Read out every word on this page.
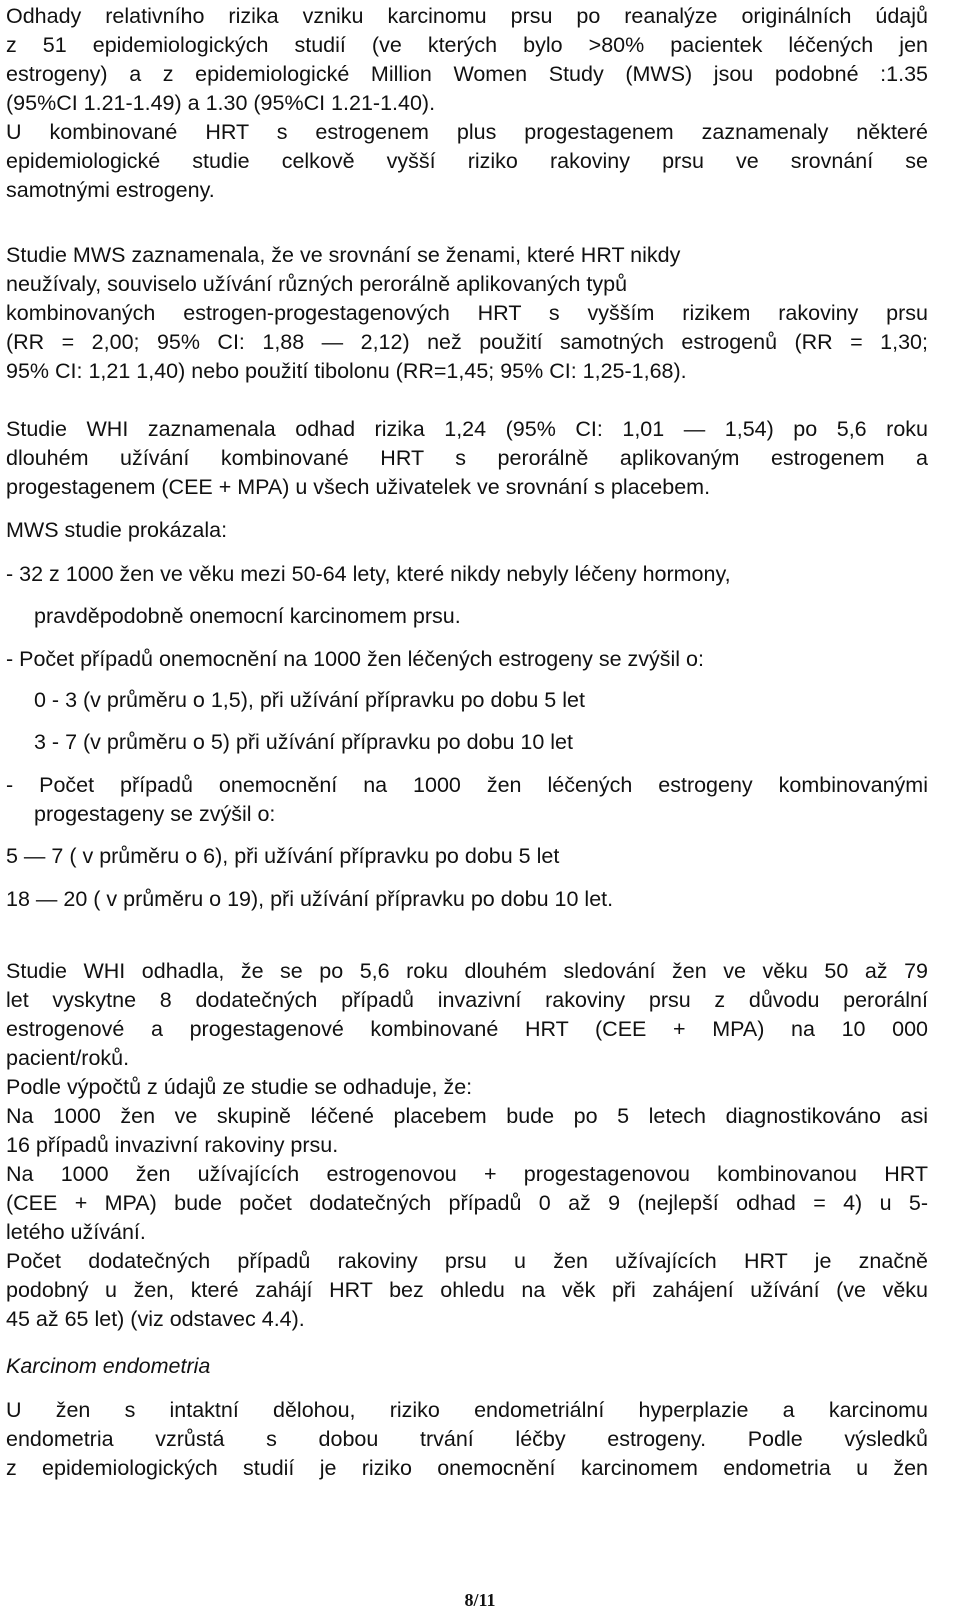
Odhady relativního rizika vzniku karcinomu prsu po reanalýze originálních údajů
z 51 epidemiologických studií (ve kterých bylo >80% pacientek léčených jen
estrogeny) a z epidemiologické Million Women Study (MWS) jsou podobné :1.35
(95%CI 1.21-1.49) a 1.30 (95%CI 1.21-1.40).
U kombinované HRT s estrogenem plus progestagenem zaznamenaly některé
epidemiologické studie celkově vyšší riziko rakoviny prsu ve srovnání se
samotnými estrogeny.
Studie MWS zaznamenala, že ve srovnání se ženami, které HRT nikdy
neužívaly, souviselo užívání různých perorálně aplikovaných typů
kombinovaných estrogen-progestagenových HRT s vyšším rizikem rakoviny prsu
(RR = 2,00; 95% CI: 1,88 — 2,12) než použití samotných estrogenů (RR = 1,30;
95% CI: 1,21 1,40) nebo použití tibolonu (RR=1,45; 95% CI: 1,25-1,68).
Studie WHI zaznamenala odhad rizika 1,24 (95% CI: 1,01 — 1,54) po 5,6 roku
dlouhém užívání kombinované HRT s perorálně aplikovaným estrogenem a
progestagenem (CEE + MPA) u všech uživatelek ve srovnání s placebem.
MWS studie prokázala:
- 32 z 1000 žen ve věku mezi 50-64 lety, které nikdy nebyly léčeny hormony,
pravděpodobně onemocní karcinomem prsu.
- Počet případů onemocnění na 1000 žen léčených estrogeny se zvýšil o:
0 - 3 (v průměru o 1,5), při užívání přípravku po dobu 5 let
3 - 7 (v průměru o 5) při užívání přípravku po dobu 10 let
- Počet případů onemocnění na 1000 žen léčených estrogeny kombinovanými
progestageny se zvýšil o:
5 — 7 ( v průměru o 6), při užívání přípravku po dobu 5 let
18 — 20 ( v průměru o 19), při užívání přípravku po dobu 10 let.
Studie WHI odhadla, že se po 5,6 roku dlouhém sledování žen ve věku 50 až 79
let vyskytne 8 dodatečných případů invazivní rakoviny prsu z důvodu perorální
estrogenové a progestagenové kombinované HRT (CEE + MPA) na 10 000
pacient/roků.
Podle výpočtů z údajů ze studie se odhaduje, že:
Na 1000 žen ve skupině léčené placebem bude po 5 letech diagnostikováno asi
16 případů invazivní rakoviny prsu.
Na 1000 žen užívajících estrogenovou + progestagenovou kombinovanou HRT
(CEE + MPA) bude počet dodatečných případů 0 až 9 (nejlepší odhad = 4) u 5-
letého užívání.
Počet dodatečných případů rakoviny prsu u žen užívajících HRT je značně
podobný u žen, které zahájí HRT bez ohledu na věk při zahájení užívání (ve věku
45 až 65 let) (viz odstavec 4.4).
Karcinom endometria
U žen s intaktní dělohou, riziko endometriální hyperplazie a karcinomu
endometria vzrůstá s dobou trvání léčby estrogeny. Podle výsledků
z epidemiologických studií je riziko onemocnění karcinomem endometria u žen
8/11
